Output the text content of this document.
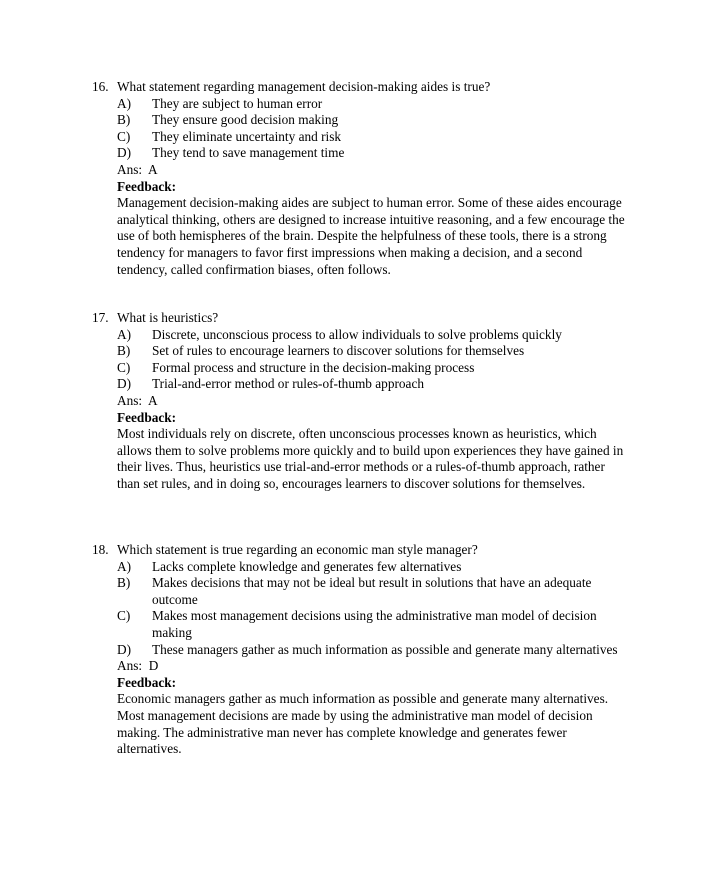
16. What statement regarding management decision-making aides is true?
A)	They are subject to human error
B)	They ensure good decision making
C)	They eliminate uncertainty and risk
D)	They tend to save management time
Ans:  A
Feedback:

Management decision-making aides are subject to human error. Some of these aides encourage analytical thinking, others are designed to increase intuitive reasoning, and a few encourage the use of both hemispheres of the brain. Despite the helpfulness of these tools, there is a strong tendency for managers to favor first impressions when making a decision, and a second tendency, called confirmation biases, often follows.

17. What is heuristics?
A)	Discrete, unconscious process to allow individuals to solve problems quickly
B)	Set of rules to encourage learners to discover solutions for themselves
C)	Formal process and structure in the decision-making process
D)	Trial-and-error method or rules-of-thumb approach
Ans:  A
Feedback:

Most individuals rely on discrete, often unconscious processes known as heuristics, which allows them to solve problems more quickly and to build upon experiences they have gained in their lives. Thus, heuristics use trial-and-error methods or a rules-of-thumb approach, rather than set rules, and in doing so, encourages learners to discover solutions for themselves.

18. Which statement is true regarding an economic man style manager?
A)	Lacks complete knowledge and generates few alternatives
B)	Makes decisions that may not be ideal but result in solutions that have an adequate outcome
C)	Makes most management decisions using the administrative man model of decision making
D)	These managers gather as much information as possible and generate many alternatives
Ans:  D
Feedback:

Economic managers gather as much information as possible and generate many alternatives. Most management decisions are made by using the administrative man model of decision making. The administrative man never has complete knowledge and generates fewer alternatives.
